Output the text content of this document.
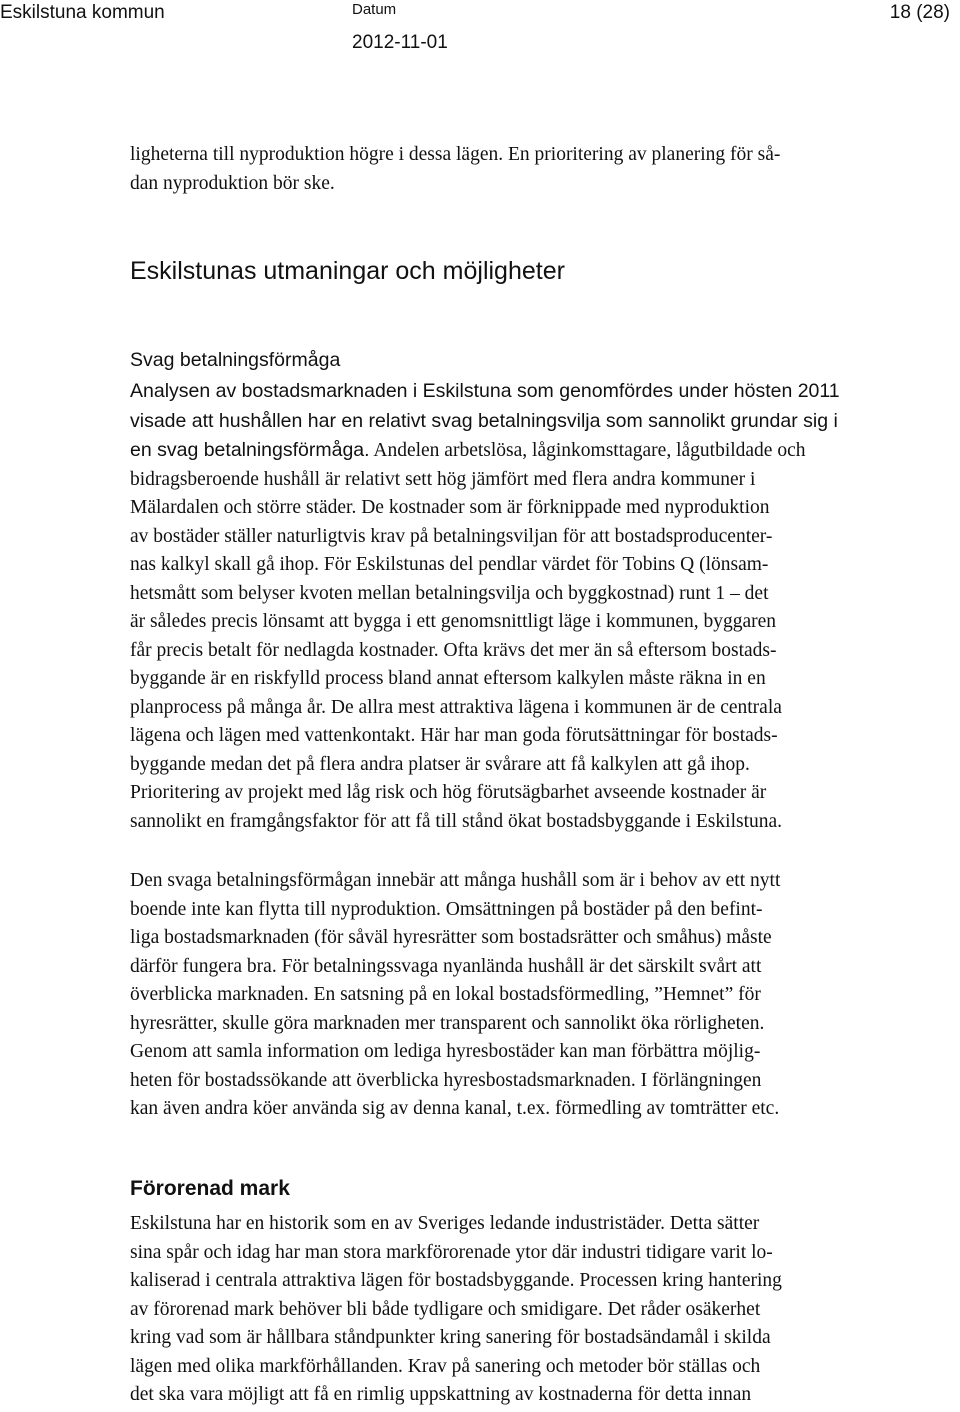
Eskilstuna kommun	Datum
2012-11-01
18 (28)

ligheterna till nyproduktion högre i dessa lägen. En prioritering av planering för så-
dan nyproduktion bör ske.

Eskilstunas utmaningar och möjligheter
Svag betalningsförmåga

Analysen av bostadsmarknaden i Eskilstuna som genomfördes under hösten 2011
visade att hushållen har en relativt svag betalningsvilja som sannolikt grundar sig i
en svag betalningsförmåga. Andelen arbetslösa, låginkomsttagare, lågutbildade och
bidragsberoende hushåll är relativt sett hög jämfört med flera andra kommuner i
Mälardalen och större städer. De kostnader som är förknippade med nyproduktion
av bostäder ställer naturligtvis krav på betalningsviljan för att bostadsproducenter-
nas kalkyl skall gå ihop. För Eskilstunas del pendlar värdet för Tobins Q (lönsam-
hetsmått som belyser kvoten mellan betalningsvilja och byggkostnad) runt 1 – det
är således precis lönsamt att bygga i ett genomsnittligt läge i kommunen, byggaren
får precis betalt för nedlagda kostnader. Ofta krävs det mer än så eftersom bostads-
byggande är en riskfylld process bland annat eftersom kalkylen måste räkna in en
planprocess på många år. De allra mest attraktiva lägena i kommunen är de centrala
lägena och lägen med vattenkontakt. Här har man goda förutsättningar för bostads-
byggande medan det på flera andra platser är svårare att få kalkylen att gå ihop.
Prioritering av projekt med låg risk och hög förutsägbarhet avseende kostnader är
sannolikt en framgångsfaktor för att få till stånd ökat bostadsbyggande i Eskilstuna.

Den svaga betalningsförmågan innebär att många hushåll som är i behov av ett nytt
boende inte kan flytta till nyproduktion. Omsättningen på bostäder på den befint-
liga bostadsmarknaden (för såväl hyresrätter som bostadsrätter och småhus) måste
därför fungera bra. För betalningssvaga nyanlända hushåll är det särskilt svårt att
överblicka marknaden. En satsning på en lokal bostadsförmedling, ”Hemnet” för
hyresrätter, skulle göra marknaden mer transparent och sannolikt öka rörligheten.
Genom att samla information om lediga hyresbostäder kan man förbättra möjlig-
heten för bostadssökande att överblicka hyresbostadsmarknaden. I förlängningen
kan även andra köer använda sig av denna kanal, t.ex. förmedling av tomträtter etc.

Förorenad mark

Eskilstuna har en historik som en av Sveriges ledande industristäder. Detta sätter
sina spår och idag har man stora markförorenade ytor där industri tidigare varit lo-
kaliserad i centrala attraktiva lägen för bostadsbyggande. Processen kring hantering
av förorenad mark behöver bli både tydligare och smidigare. Det råder osäkerhet
kring vad som är hållbara ståndpunkter kring sanering för bostadsändamål i skilda
lägen med olika markförhållanden. Krav på sanering och metoder bör ställas och
det ska vara möjligt att få en rimlig uppskattning av kostnaderna för detta innan
